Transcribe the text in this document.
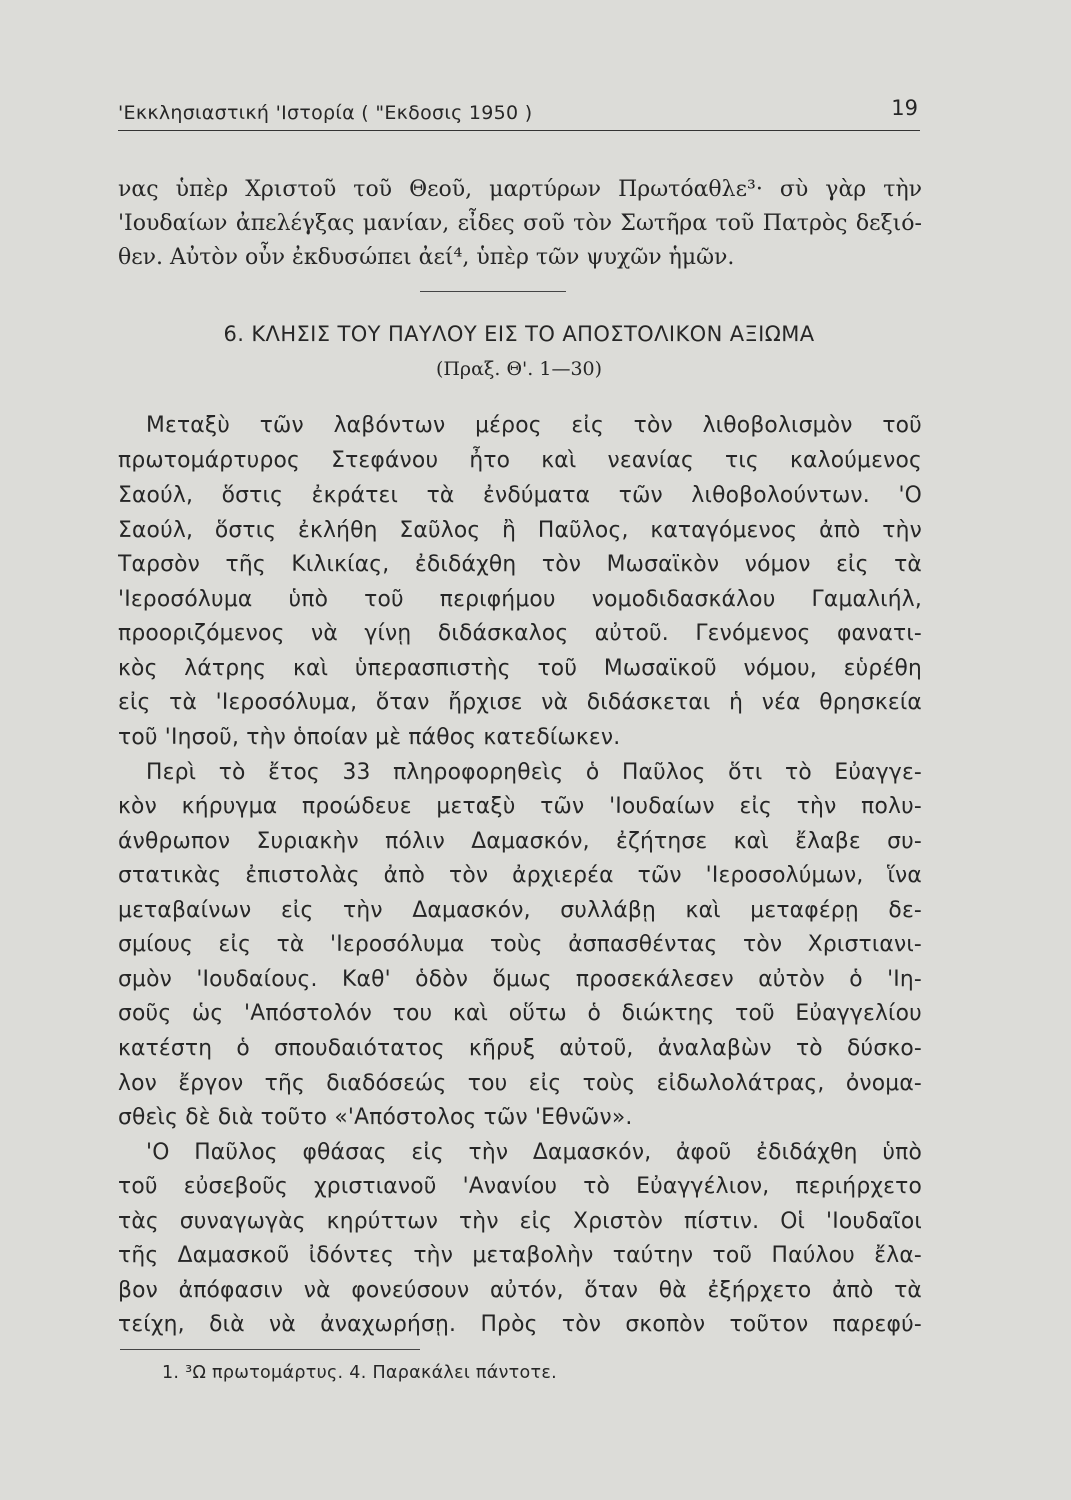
'Εκκλησιαστική 'Ιστορία ( "Εκδοσις 1950 )	19
νας ὑπὲρ Χριστοῦ τοῦ Θεοῦ, μαρτύρων Πρωτόαθλε³· σὺ γὰρ τὴν
'Ιουδαίων ἀπελέγξας μανίαν, εἶδες σοῦ τὸν Σωτῆρα τοῦ Πατρὸς δεξιό-
θεν. Αὐτὸν οὖν ἐκδυσώπει ἀεί⁴, ὑπὲρ τῶν ψυχῶν ἡμῶν.
6. ΚΛΗΣΙΣ ΤΟΥ ΠΑΥΛΟΥ ΕΙΣ ΤΟ ΑΠΟΣΤΟΛΙΚΟΝ ΑΞΙΩΜΑ
(Πραξ. Θ'. 1—30)
Μεταξὺ τῶν λαβόντων μέρος εἰς τὸν λιθοβολισμὸν τοῦ
πρωτομάρτυρος Στεφάνου ἦτο καὶ νεανίας τις καλούμενος
Σαούλ, ὅστις ἐκράτει τὰ ἐνδύματα τῶν λιθοβολούντων. 'Ο
Σαούλ, ὅστις ἐκλήθη Σαῦλος ἢ Παῦλος, καταγόμενος ἀπὸ τὴν
Ταρσὸν τῆς Κιλικίας, ἐδιδάχθη τὸν Μωσαϊκὸν νόμον εἰς τὰ
'Ιεροσόλυμα ὑπὸ τοῦ περιφήμου νομοδιδασκάλου Γαμαλιήλ,
προοριζόμενος νὰ γίνῃ διδάσκαλος αὐτοῦ. Γενόμενος φανατι-
κὸς λάτρης καὶ ὑπερασπιστὴς τοῦ Μωσαϊκοῦ νόμου, εὑρέθη
εἰς τὰ 'Ιεροσόλυμα, ὅταν ἤρχισε νὰ διδάσκεται ἡ νέα θρησκεία
τοῦ 'Ιησοῦ, τὴν ὁποίαν μὲ πάθος κατεδίωκεν.
Περὶ τὸ ἔτος 33 πληροφορηθεὶς ὁ Παῦλος ὅτι τὸ Εὐαγγε-
κὸν κήρυγμα προώδευε μεταξὺ τῶν 'Ιουδαίων εἰς τὴν πολυ-
άνθρωπον Συριακὴν πόλιν Δαμασκόν, ἐζήτησε καὶ ἔλαβε συ-
στατικὰς ἐπιστολὰς ἀπὸ τὸν ἀρχιερέα τῶν 'Ιεροσολύμων, ἵνα
μεταβαίνων εἰς τὴν Δαμασκόν, συλλάβῃ καὶ μεταφέρῃ δε-
σμίους εἰς τὰ 'Ιεροσόλυμα τοὺς ἀσπασθέντας τὸν Χριστιανι-
σμὸν 'Ιουδαίους. Καθ' ὁδὸν ὅμως προσεκάλεσεν αὐτὸν ὁ 'Ιη-
σοῦς ὡς 'Απόστολόν του καὶ οὕτω ὁ διώκτης τοῦ Εὐαγγελίου
κατέστη ὁ σπουδαιότατος κῆρυξ αὐτοῦ, ἀναλαβὼν τὸ δύσκο-
λον ἔργον τῆς διαδόσεώς του εἰς τοὺς εἰδωλολάτρας, ὀνομα-
σθεὶς δὲ διὰ τοῦτο «'Απόστολος τῶν 'Εθνῶν».
'Ο Παῦλος φθάσας εἰς τὴν Δαμασκόν, ἀφοῦ ἐδιδάχθη ὑπὸ
τοῦ εὐσεβοῦς χριστιανοῦ 'Ανανίου τὸ Εὐαγγέλιον, περιήρχετο
τὰς συναγωγὰς κηρύττων τὴν εἰς Χριστὸν πίστιν. Οἱ 'Ιουδαῖοι
τῆς Δαμασκοῦ ἰδόντες τὴν μεταβολὴν ταύτην τοῦ Παύλου ἔλα-
βον ἀπόφασιν νὰ φονεύσουν αὐτόν, ὅταν θὰ ἐξήρχετο ἀπὸ τὰ
τείχη, διὰ νὰ ἀναχωρήσῃ. Πρὸς τὸν σκοπὸν τοῦτον παρεφύ-
1. ³Ω πρωτομάρτυς. 4. Παρακάλει πάντοτε.
